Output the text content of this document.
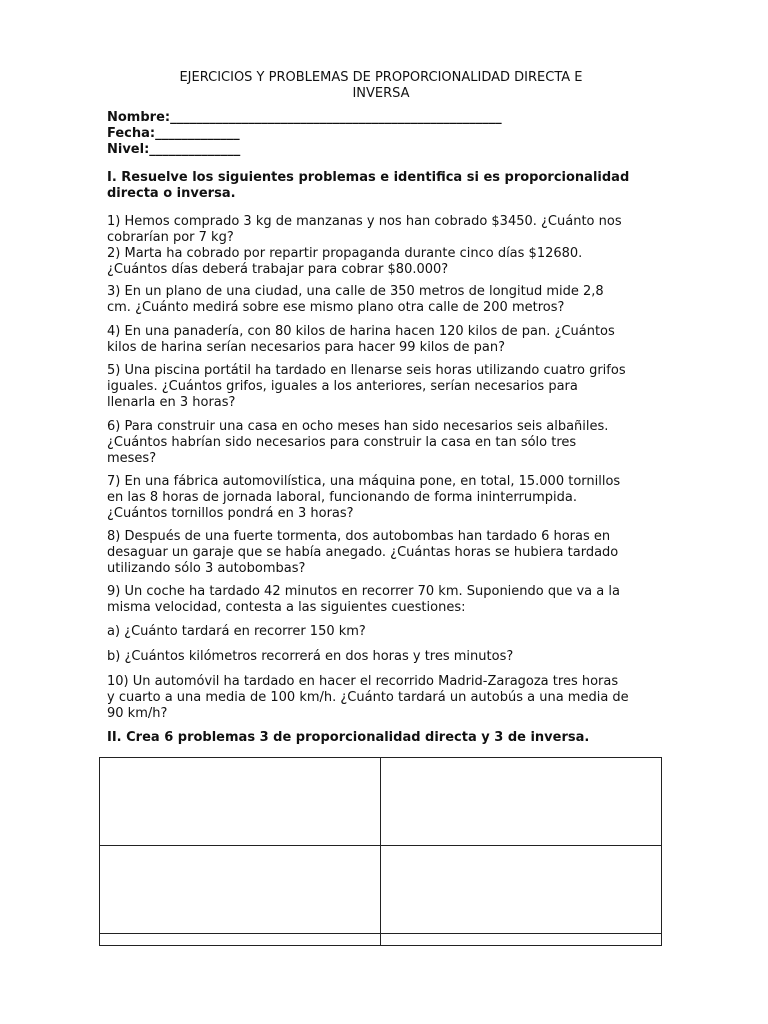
EJERCICIOS Y PROBLEMAS DE PROPORCIONALIDAD DIRECTA E
INVERSA
Nombre:___________________________________________________
Fecha:_____________
Nivel:______________
I. Resuelve los siguientes problemas e identifica si es proporcionalidad
directa o inversa.
1) Hemos comprado 3 kg de manzanas y nos han cobrado $3450. ¿Cuánto nos
cobrarían por 7 kg?
2) Marta ha cobrado por repartir propaganda durante cinco días $12680.
¿Cuántos días deberá trabajar para cobrar $80.000?
3) En un plano de una ciudad, una calle de 350 metros de longitud mide 2,8
cm. ¿Cuánto medirá sobre ese mismo plano otra calle de 200 metros?
4) En una panadería, con 80 kilos de harina hacen 120 kilos de pan. ¿Cuántos
kilos de harina serían necesarios para hacer 99 kilos de pan?
5) Una piscina portátil ha tardado en llenarse seis horas utilizando cuatro grifos
iguales. ¿Cuántos grifos, iguales a los anteriores, serían necesarios para
llenarla en 3 horas?
6) Para construir una casa en ocho meses han sido necesarios seis albañiles.
¿Cuántos habrían sido necesarios para construir la casa en tan sólo tres
meses?
7) En una fábrica automovilística, una máquina pone, en total, 15.000 tornillos
en las 8 horas de jornada laboral, funcionando de forma ininterrumpida.
¿Cuántos tornillos pondrá en 3 horas?
8) Después de una fuerte tormenta, dos autobombas han tardado 6 horas en
desaguar un garaje que se había anegado. ¿Cuántas horas se hubiera tardado
utilizando sólo 3 autobombas?
9) Un coche ha tardado 42 minutos en recorrer 70 km. Suponiendo que va a la
misma velocidad, contesta a las siguientes cuestiones:
a) ¿Cuánto tardará en recorrer 150 km?
b) ¿Cuántos kilómetros recorrerá en dos horas y tres minutos?
10) Un automóvil ha tardado en hacer el recorrido Madrid-Zaragoza tres horas
y cuarto a una media de 100 km/h. ¿Cuánto tardará un autobús a una media de
90 km/h?
II. Crea 6 problemas 3 de proporcionalidad directa y 3 de inversa.
